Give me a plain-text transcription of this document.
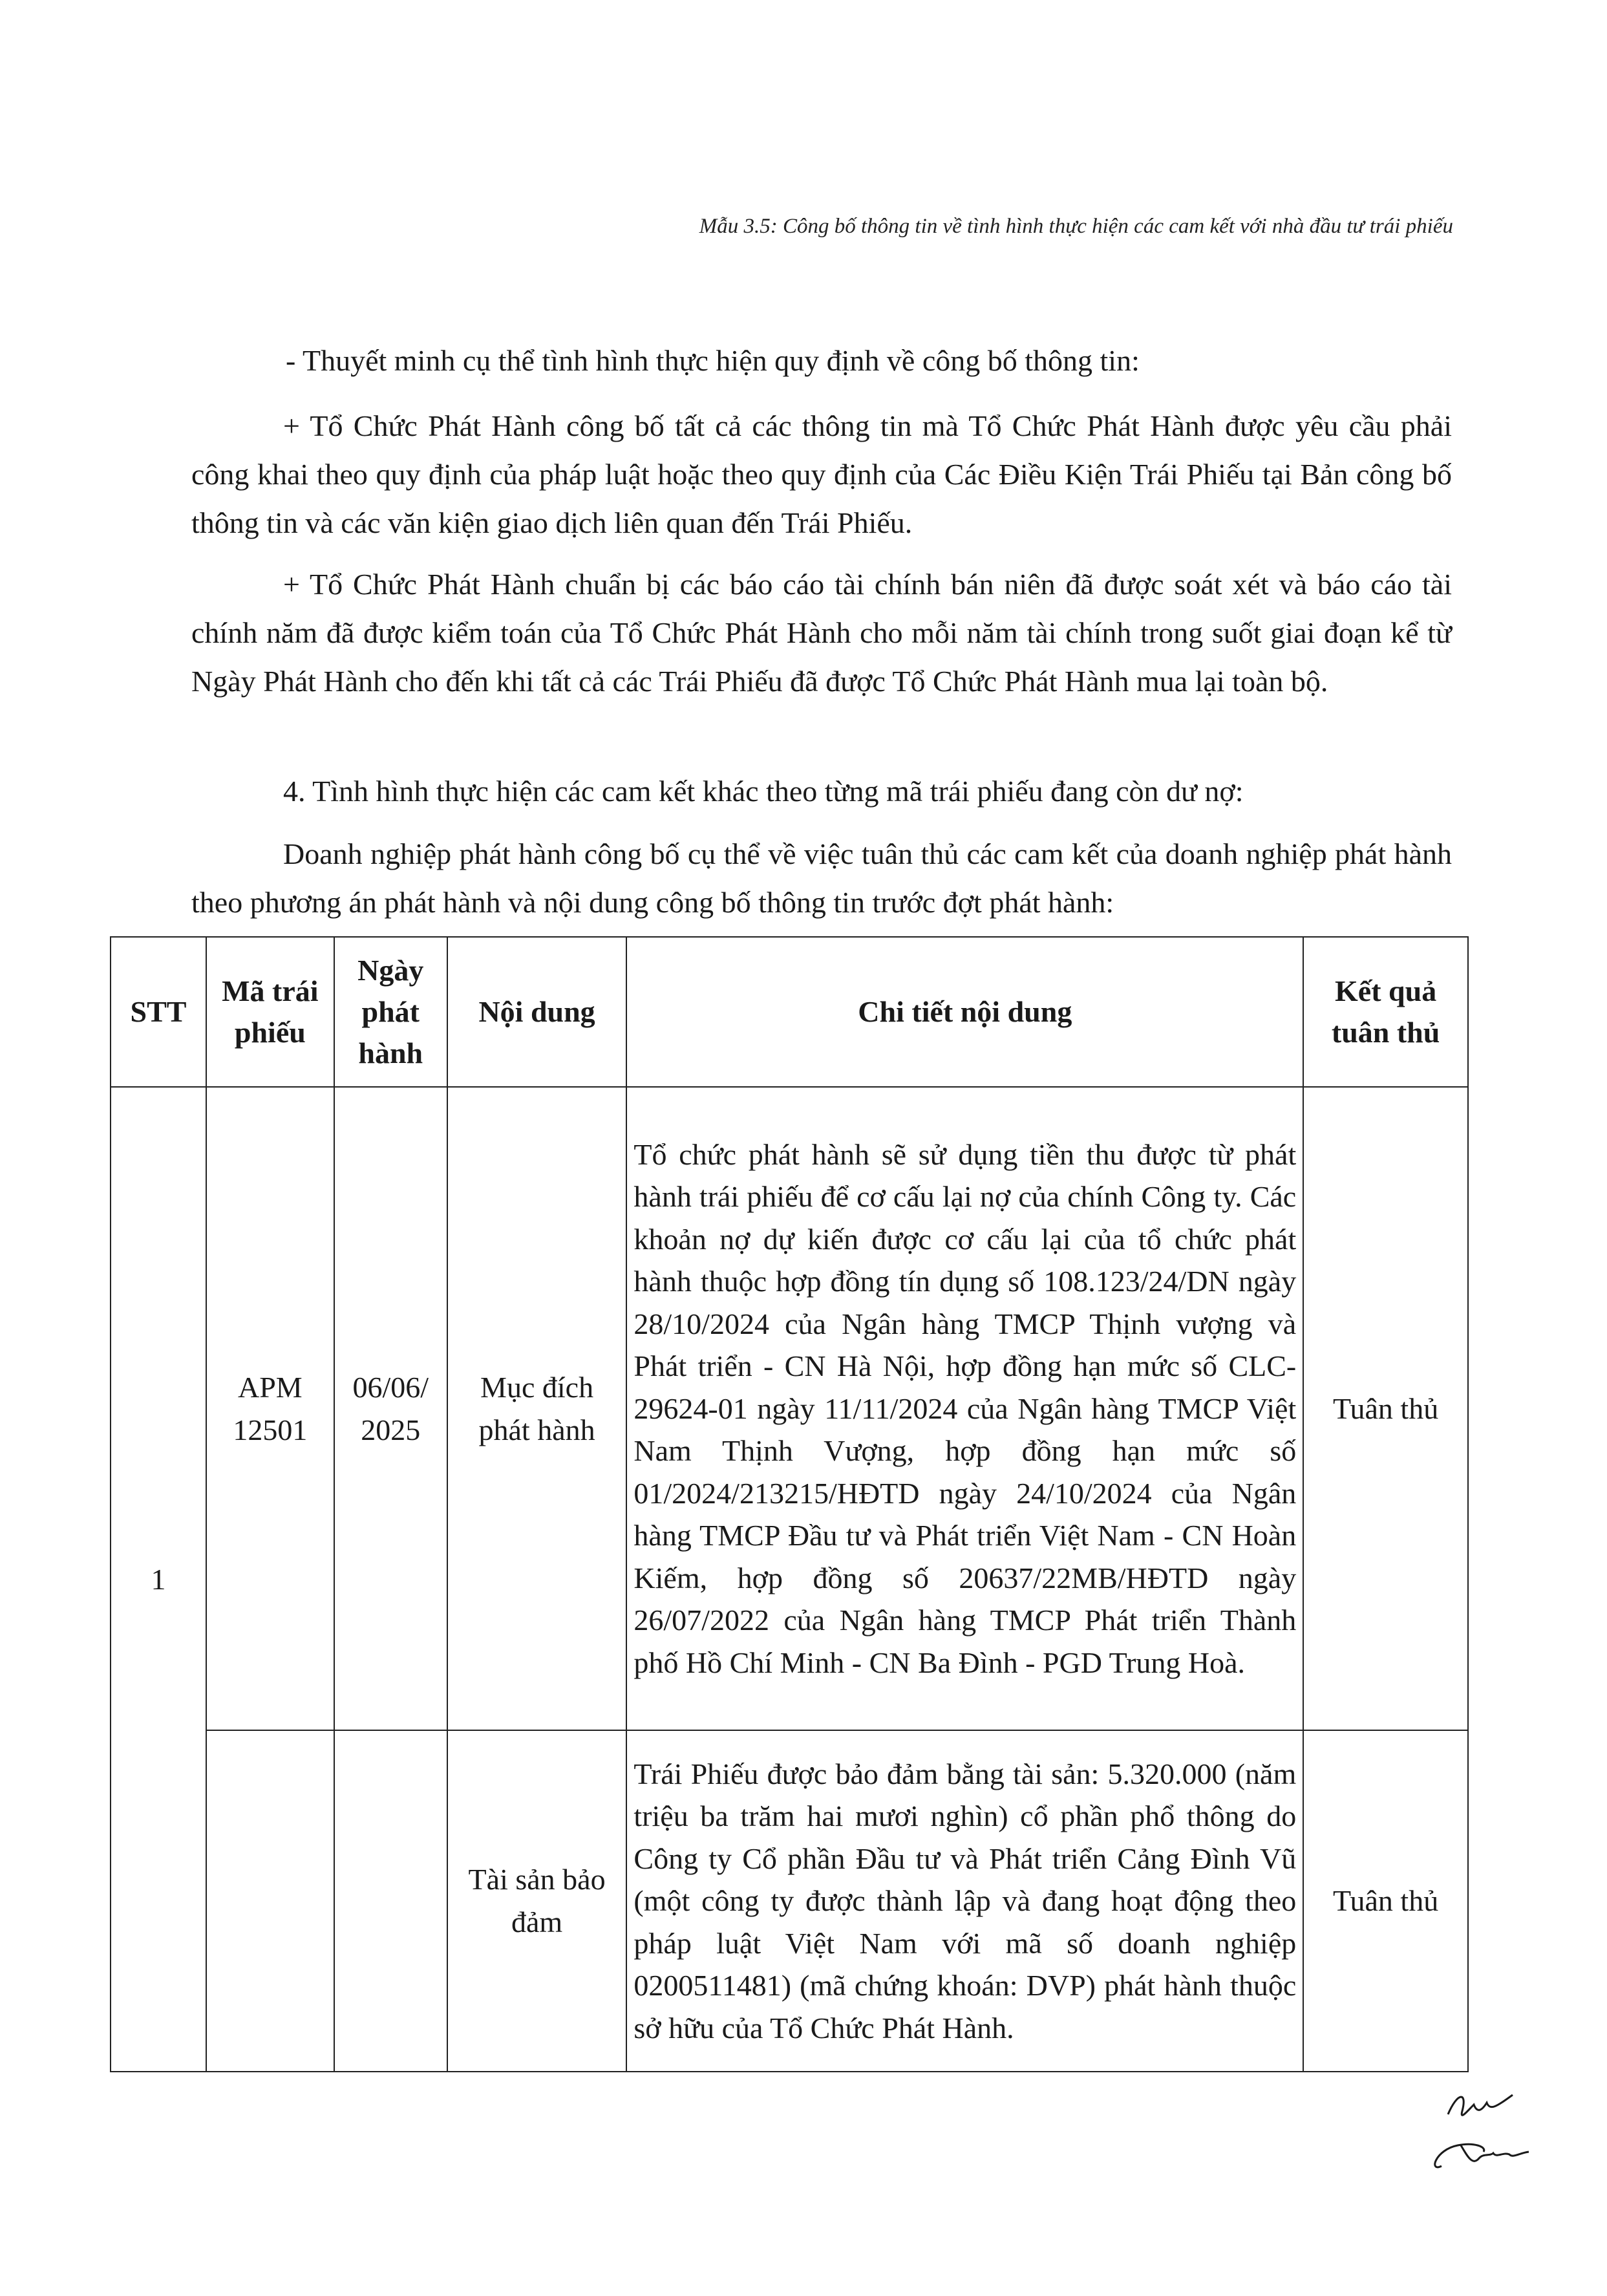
Mẫu 3.5: Công bố thông tin về tình hình thực hiện các cam kết với nhà đầu tư trái phiếu
- Thuyết minh cụ thể tình hình thực hiện quy định về công bố thông tin:

+ Tổ Chức Phát Hành công bố tất cả các thông tin mà Tổ Chức Phát Hành được yêu cầu phải công khai theo quy định của pháp luật hoặc theo quy định của Các Điều Kiện Trái Phiếu tại Bản công bố thông tin và các văn kiện giao dịch liên quan đến Trái Phiếu.

+ Tổ Chức Phát Hành chuẩn bị các báo cáo tài chính bán niên đã được soát xét và báo cáo tài chính năm đã được kiểm toán của Tổ Chức Phát Hành cho mỗi năm tài chính trong suốt giai đoạn kể từ Ngày Phát Hành cho đến khi tất cả các Trái Phiếu đã được Tổ Chức Phát Hành mua lại toàn bộ.

4. Tình hình thực hiện các cam kết khác theo từng mã trái phiếu đang còn dư nợ:

Doanh nghiệp phát hành công bố cụ thể về việc tuân thủ các cam kết của doanh nghiệp phát hành theo phương án phát hành và nội dung công bố thông tin trước đợt phát hành:

STT	Mã trái phiếu	Ngày phát hành	Nội dung	Chi tiết nội dung	Kết quả tuân thủ
1	APM12501	06/06/2025	Mục đích phát hành	Tổ chức phát hành sẽ sử dụng tiền thu được từ phát hành trái phiếu để cơ cấu lại nợ của chính Công ty. Các khoản nợ dự kiến được cơ cấu lại của tổ chức phát hành thuộc hợp đồng tín dụng số 108.123/24/DN ngày 28/10/2024 của Ngân hàng TMCP Thịnh vượng và Phát triển - CN Hà Nội, hợp đồng hạn mức số CLC- 29624-01 ngày 11/11/2024 của Ngân hàng TMCP Việt Nam Thịnh Vượng, hợp đồng hạn mức số 01/2024/213215/HĐTD ngày 24/10/2024 của Ngân hàng TMCP Đầu tư và Phát triển Việt Nam - CN Hoàn Kiếm, hợp đồng số 20637/22MB/HĐTD ngày 26/07/2022 của Ngân hàng TMCP Phát triển Thành phố Hồ Chí Minh - CN Ba Đình - PGD Trung Hoà.	Tuân thủ
			Tài sản bảo đảm	Trái Phiếu được bảo đảm bằng tài sản: 5.320.000 (năm triệu ba trăm hai mươi nghìn) cổ phần phổ thông do Công ty Cổ phần Đầu tư và Phát triển Cảng Đình Vũ (một công ty được thành lập và đang hoạt động theo pháp luật Việt Nam với mã số doanh nghiệp 0200511481) (mã chứng khoán: DVP) phát hành thuộc sở hữu của Tổ Chức Phát Hành.	Tuân thủ
